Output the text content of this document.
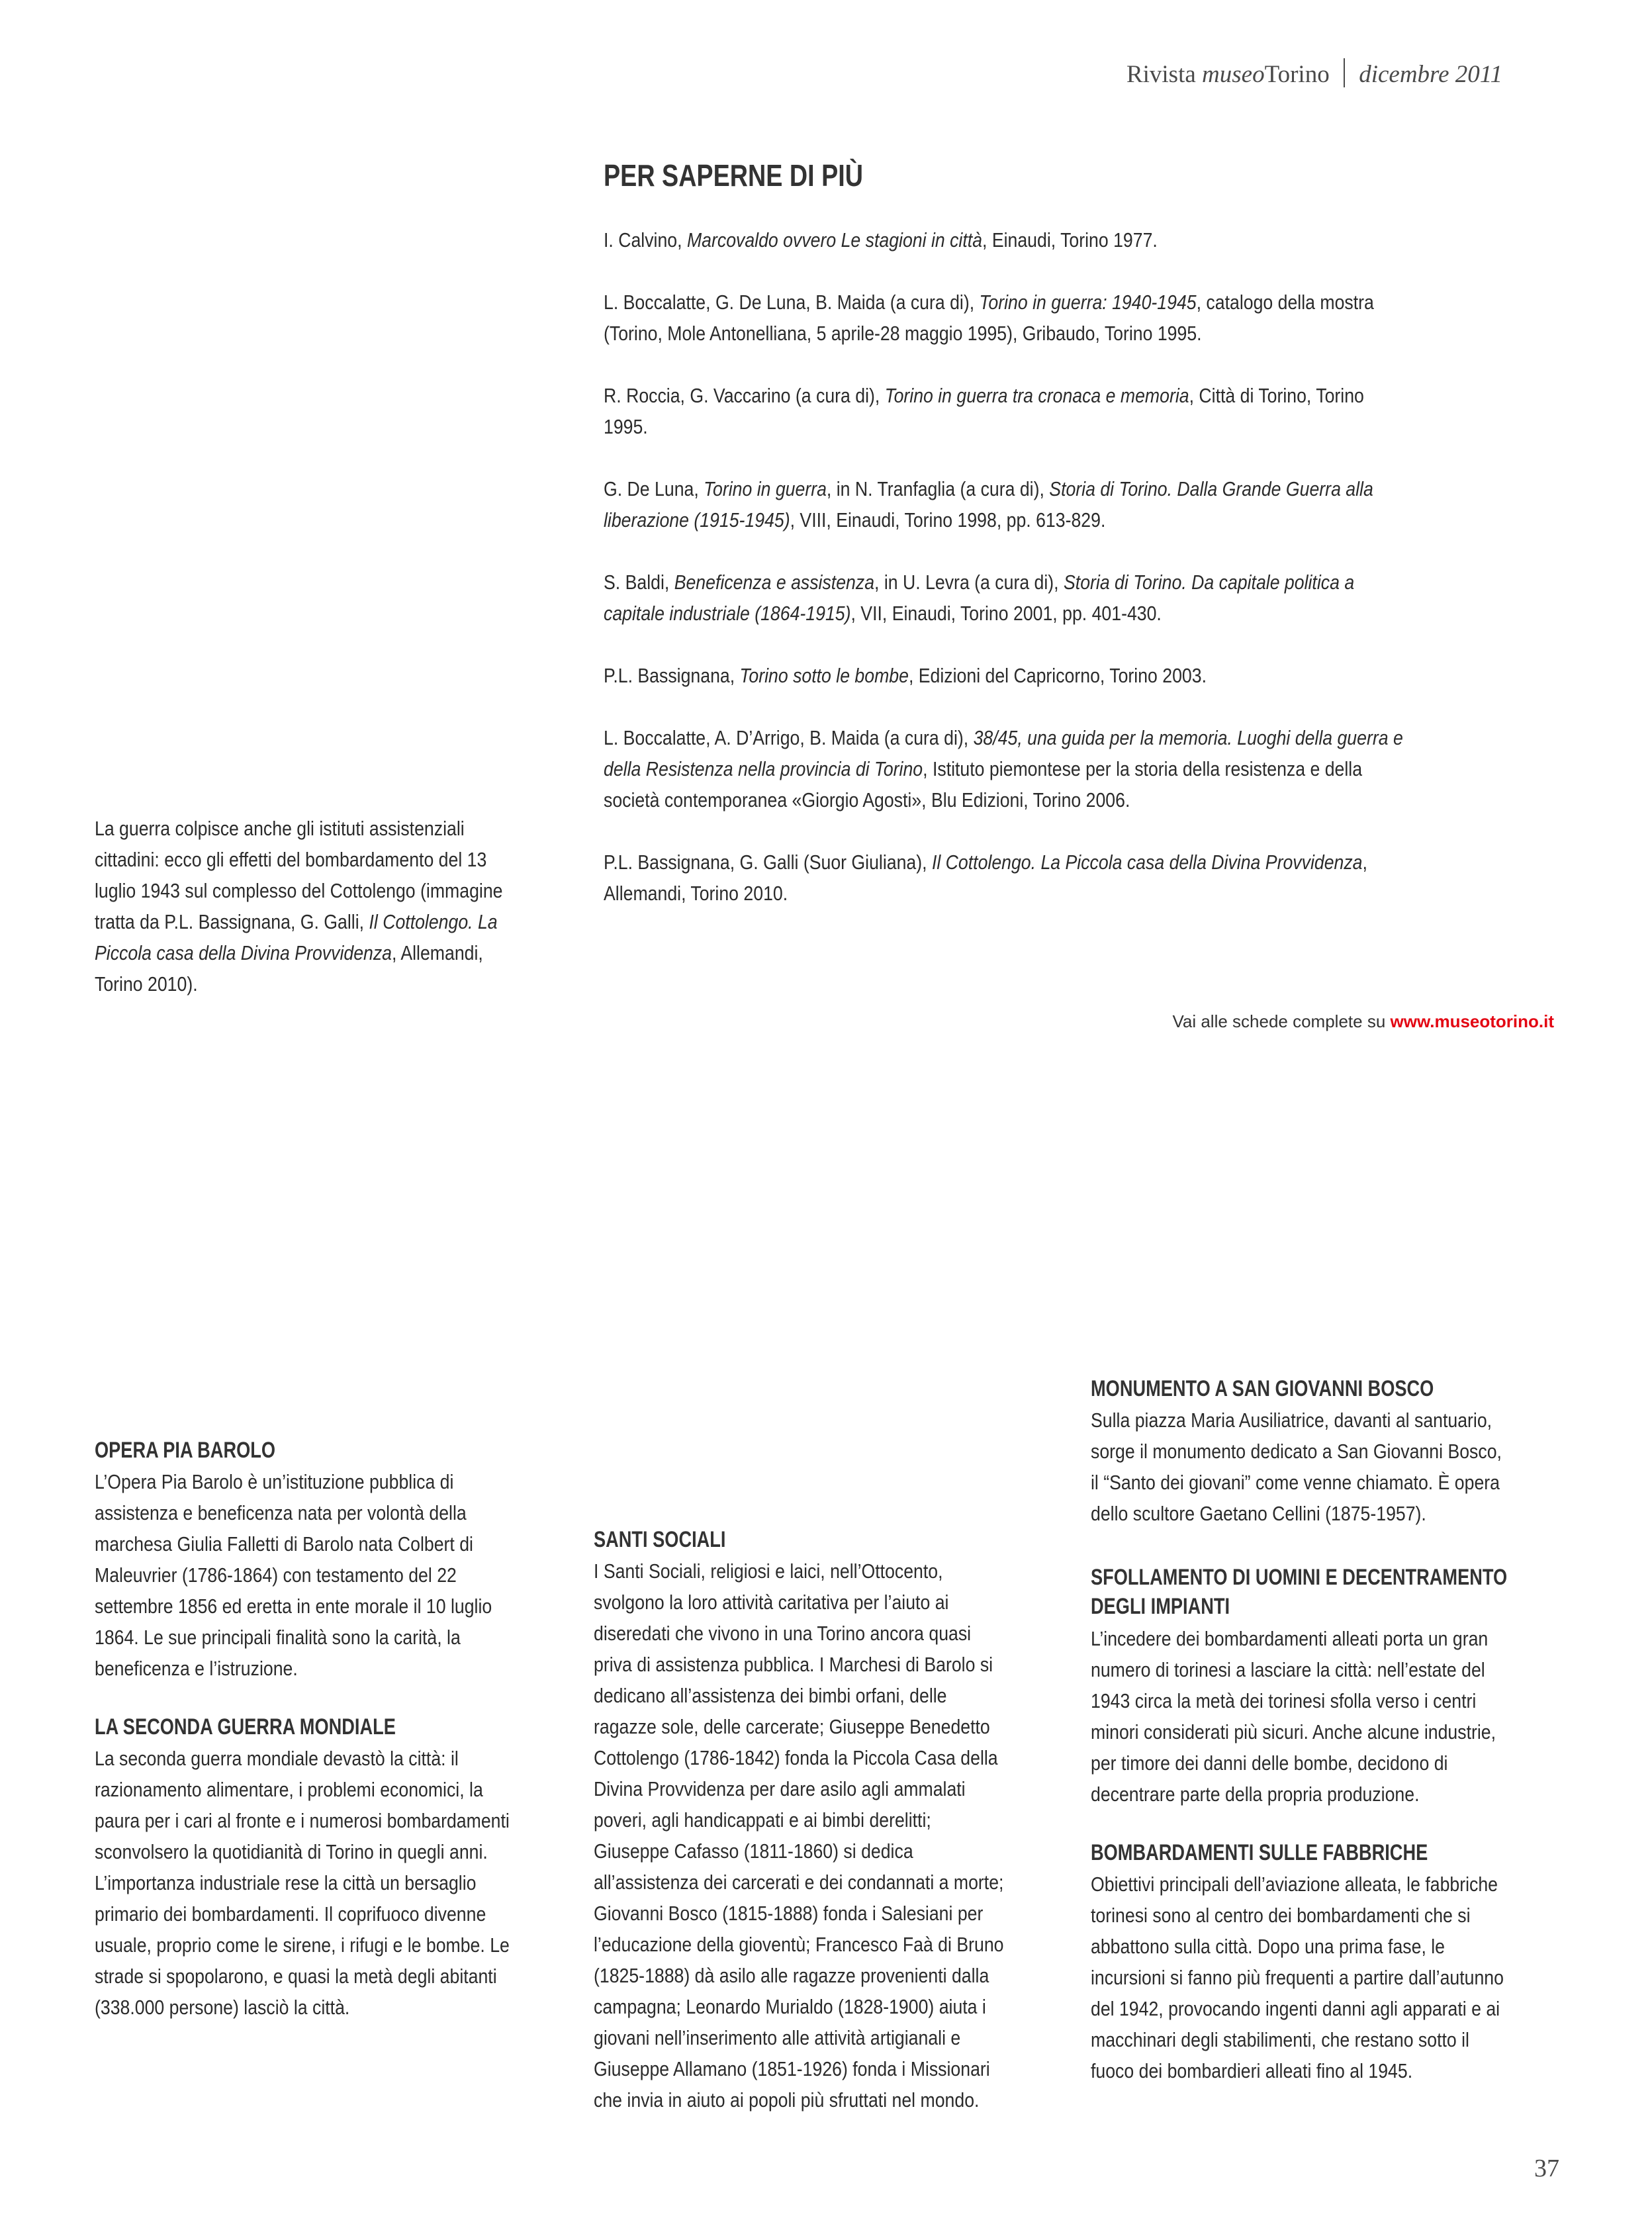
Rivista museoTorino dicembre 2011
PER SAPERNE DI PIÙ

I. Calvino, Marcovaldo ovvero Le stagioni in città, Einaudi, Torino 1977.

L. Boccalatte, G. De Luna, B. Maida (a cura di), Torino in guerra: 1940-1945, catalogo della mostra (Torino, Mole Antonelliana, 5 aprile-28 maggio 1995), Gribaudo, Torino 1995.

R. Roccia, G. Vaccarino (a cura di), Torino in guerra tra cronaca e memoria, Città di Torino, Torino 1995.

G. De Luna, Torino in guerra, in N. Tranfaglia (a cura di), Storia di Torino. Dalla Grande Guerra alla liberazione (1915-1945), VIII, Einaudi, Torino 1998, pp. 613-829.

S. Baldi, Beneficenza e assistenza, in U. Levra (a cura di), Storia di Torino. Da capitale politica a capitale industriale (1864-1915), VII, Einaudi, Torino 2001, pp. 401-430.

P.L. Bassignana, Torino sotto le bombe, Edizioni del Capricorno, Torino 2003.

L. Boccalatte, A. D’Arrigo, B. Maida (a cura di), 38/45, una guida per la memoria. Luoghi della guerra e della Resistenza nella provincia di Torino, Istituto piemontese per la storia della resistenza e della società contemporanea «Giorgio Agosti», Blu Edizioni, Torino 2006.

P.L. Bassignana, G. Galli (Suor Giuliana), Il Cottolengo. La Piccola casa della Divina Provvidenza, Allemandi, Torino 2010.

La guerra colpisce anche gli istituti assistenziali cittadini: ecco gli effetti del bombardamento del 13 luglio 1943 sul complesso del Cottolengo (immagine tratta da P.L. Bassignana, G. Galli, Il Cottolengo. La Piccola casa della Divina Provvidenza, Allemandi, Torino 2010).

Vai alle schede complete su www.museotorino.it
OPERA PIA BAROLO

L’Opera Pia Barolo è un’istituzione pubblica di assistenza e beneficenza nata per volontà della marchesa Giulia Falletti di Barolo nata Colbert di Maleuvrier (1786-1864) con testamento del 22 settembre 1856 ed eretta in ente morale il 10 luglio 1864. Le sue principali finalità sono la carità, la beneficenza e l’istruzione.

LA SECONDA GUERRA MONDIALE

La seconda guerra mondiale devastò la città: il razionamento alimentare, i problemi economici, la paura per i cari al fronte e i numerosi bombardamenti sconvolsero la quotidianità di Torino in quegli anni. L’importanza industriale rese la città un bersaglio primario dei bombardamenti. Il coprifuoco divenne usuale, proprio come le sirene, i rifugi e le bombe. Le strade si spopolarono, e quasi la metà degli abitanti (338.000 persone) lasciò la città.

SANTI SOCIALI

I Santi Sociali, religiosi e laici, nell’Ottocento, svolgono la loro attività caritativa per l’aiuto ai diseredati che vivono in una Torino ancora quasi priva di assistenza pubblica. I Marchesi di Barolo si dedicano all’assistenza dei bimbi orfani, delle ragazze sole, delle carcerate; Giuseppe Benedetto Cottolengo (1786-1842) fonda la Piccola Casa della Divina Provvidenza per dare asilo agli ammalati poveri, agli handicappati e ai bimbi derelitti; Giuseppe Cafasso (1811-1860) si dedica all’assistenza dei carcerati e dei condannati a morte; Giovanni Bosco (1815-1888) fonda i Salesiani per l’educazione della gioventù; Francesco Faà di Bruno (1825-1888) dà asilo alle ragazze provenienti dalla campagna; Leonardo Murialdo (1828-1900) aiuta i giovani nell’inserimento alle attività artigianali e Giuseppe Allamano (1851-1926) fonda i Missionari che invia in aiuto ai popoli più sfruttati nel mondo.

MONUMENTO A SAN GIOVANNI BOSCO

Sulla piazza Maria Ausiliatrice, davanti al santuario, sorge il monumento dedicato a San Giovanni Bosco, il “Santo dei giovani” come venne chiamato. È opera dello scultore Gaetano Cellini (1875-1957).

SFOLLAMENTO DI UOMINI E DECENTRAMENTO
DEGLI IMPIANTI

L’incedere dei bombardamenti alleati porta un gran numero di torinesi a lasciare la città: nell’estate del 1943 circa la metà dei torinesi sfolla verso i centri minori considerati più sicuri. Anche alcune industrie, per timore dei danni delle bombe, decidono di decentrare parte della propria produzione.

BOMBARDAMENTI SULLE FABBRICHE

Obiettivi principali dell’aviazione alleata, le fabbriche torinesi sono al centro dei bombardamenti che si abbattono sulla città. Dopo una prima fase, le incursioni si fanno più frequenti a partire dall’autunno del 1942, provocando ingenti danni agli apparati e ai macchinari degli stabilimenti, che restano sotto il fuoco dei bombardieri alleati fino al 1945.

37
